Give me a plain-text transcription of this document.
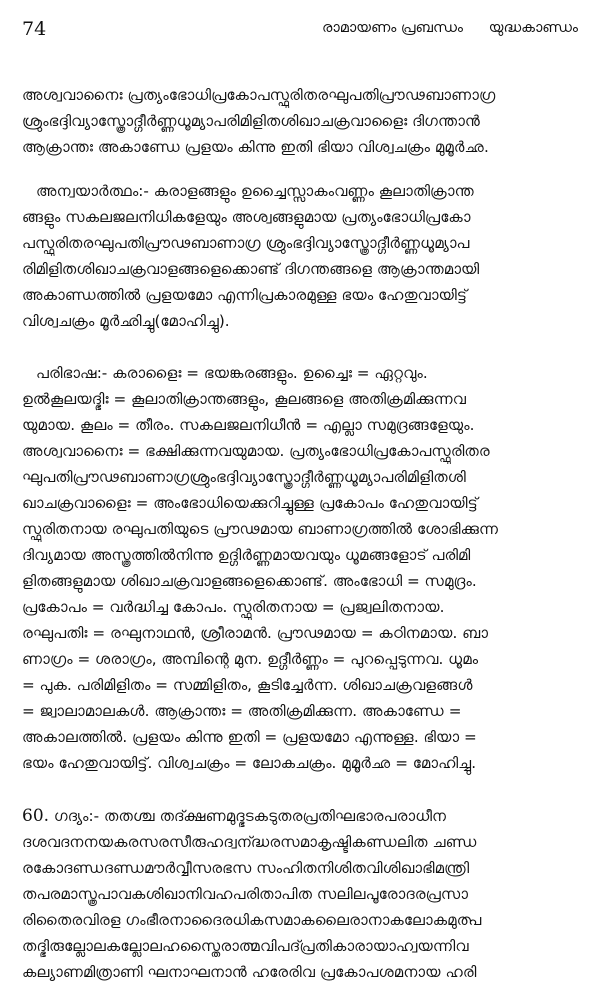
74	രാമായണം പ്രബന്ധം യുദ്ധകാണ്ഡം

അശ്വവാനൈഃ പ്രത്യംഭോധിപ്രകോപസ്ഫുരിതരഘുപതിപ്രൗഢബാണാഗ്ര
ശ്രുംഭദ്ദിവ്യാസ്ത്രോദ്ഗീർണ്ണധൂമ്യാപരിമിളിതശിഖാചക്രവാളൈഃ ദിഗന്താൻ
ആക്രാന്തഃ അകാണ്ഡേ പ്രളയം കിന്നു ഇതി ഭിയാ വിശ്വചക്രം മുമൂർഛ.

അന്വയാർത്ഥം:- കരാളങ്ങളും ഉച്ചൈസ്സാകംവണ്ണം കൂലാതിക്രാന്ത
ങ്ങളും സകലജലനിധികളേയും അശ്വങ്ങളുമായ പ്രത്യംഭോധിപ്രകോ
പസ്ഫുരിതരഘുപതിപ്രൗഢബാണാഗ്ര ശ്രുംഭദ്ദിവ്യാസ്ത്രോദ്ഗീർണ്ണധൂമ്യാപ
രിമിളിതശിഖാചക്രവാളങ്ങളെക്കൊണ്ട് ദിഗന്തങ്ങളെ ആക്രാന്തമായി
അകാണ്ഡത്തിൽ പ്രളയമോ എന്നിപ്രകാരമുള്ള ഭയം ഹേതുവായിട്ട്
വിശ്വചക്രം മൂർഛിച്ചു(മോഹിച്ചു).

പരിഭാഷ:- കരാളൈഃ = ഭയങ്കരങ്ങളും. ഉച്ചൈഃ = ഏറ്റവും.
ഉൽകൂലയദ്ഭിഃ = കൂലാതിക്രാന്തങ്ങളും, കൂലങ്ങളെ അതിക്രമിക്കുന്നവ
യുമായ. കൂലം = തീരം. സകലജലനിധീൻ = എല്ലാ സമുദ്രങ്ങളേയും.
അശ്വവാനൈഃ = ഭക്ഷിക്കുന്നവയുമായ. പ്രത്യംഭോധിപ്രകോപസ്ഫുരിതര
ഘുപതിപ്രൗഢബാണാഗ്രശ്രുംഭദ്ദിവ്യാസ്ത്രോദ്ഗീർണ്ണധൂമ്യാപരിമിളിതശി
ഖാചക്രവാളൈഃ = അംഭോധിയെക്കുറിച്ചുള്ള പ്രകോപം ഹേതുവായിട്ട്
സ്ഫുരിതനായ രഘുപതിയുടെ പ്രൗഢമായ ബാണാഗ്രത്തിൽ ശോഭിക്കുന്ന
ദിവ്യമായ അസ്ത്രത്തിൽനിന്നു ഉദ്ഗിർണ്ണമായവയും ധൂമങ്ങളോട് പരിമി
ളിതങ്ങളുമായ ശിഖാചക്രവാളങ്ങളെക്കൊണ്ട്. അംഭോധി = സമുദ്രം.
പ്രകോപം = വർദ്ധിച്ച കോപം. സ്ഫുരിതനായ = പ്രജ്വലിതനായ.
രഘുപതിഃ = രഘുനാഥൻ, ശ്രീരാമൻ. പ്രൗഢമായ = കഠിനമായ. ബാ
ണാഗ്രം = ശരാഗ്രം, അമ്പിന്റെ മുന. ഉദ്ഗീർണ്ണം = പുറപ്പെടുന്നവ. ധൂമം
= പുക. പരിമിളിതം = സമ്മിളിതം, കൂടിച്ചേർന്ന. ശിഖാചക്രവളങ്ങൾ
= ജ്വാലാമാലകൾ. ആക്രാന്തഃ = അതിക്രമിക്കുന്ന. അകാണ്ഡേ =
അകാലത്തിൽ. പ്രളയം കിന്നു ഇതി = പ്രളയമോ എന്നുള്ള. ഭിയാ =
ഭയം ഹേതുവായിട്ട്. വിശ്വചക്രം = ലോകചക്രം. മുമൂർഛ = മോഹിച്ചു.

60. ഗദ്യം:- തതശ്ച തദ്ക്ഷണമുദ്ഭടകടുതരപ്രതിഘഭാരപരാധീന
ദശവദനനയകരസരസീരുഹദ്വന്ദ്ധരസമാകൃഷ്ടികണ്ഡലിത ചണ്ഡ
രകോദണ്ഡദണ്ഡമൗർവ്വീസരഭസ സംഹിതനിശിതവിശിഖാഭിമന്ത്രി
തപരമാസ്ത്രപാവകശിഖാനിവഹപരിതാപിത സലിലപൂരോദരപ്രസാ
രിതൈരവിരള ഗംഭീരനാദൈരധികസമാകലൈരാനാകലോകമുത്പ
തദ്ഭിരുല്ലോലകല്ലോലഹസ്തൈരാത്മവിപദ്പ്രതികാരായാഹ്വയന്നിവ
കല്യാണമിത്രാണി ഘനാഘനാൻ ഹരേരിവ പ്രകോപശമനായ ഹരി
